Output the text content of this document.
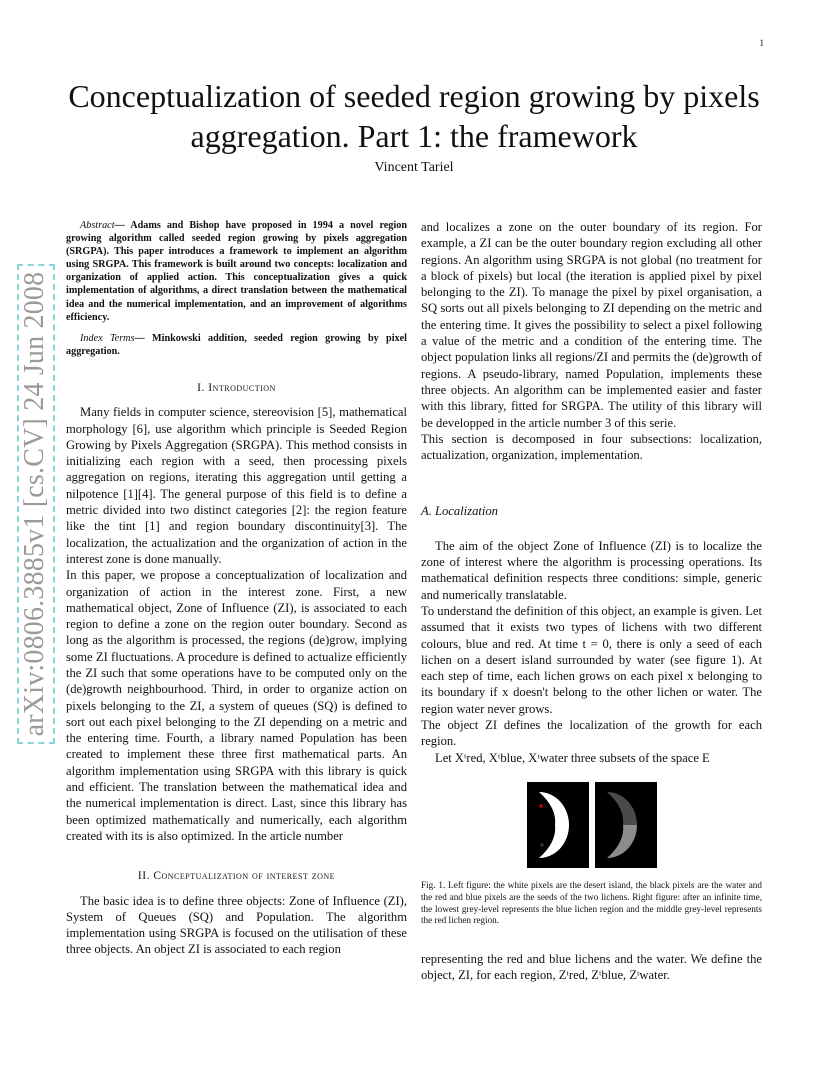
1
arXiv:0806.3885v1 [cs.CV] 24 Jun 2008
Conceptualization of seeded region growing by pixels aggregation. Part 1: the framework
Vincent Tariel

Abstract— Adams and Bishop have proposed in 1994 a novel region growing algorithm called seeded region growing by pixels aggregation (SRGPA). This paper introduces a framework to implement an algorithm using SRGPA. This framework is built around two concepts: localization and organization of applied action. This conceptualization gives a quick implementation of algorithms, a direct translation between the mathematical idea and the numerical implementation, and an improvement of algorithms efficiency.

Index Terms— Minkowski addition, seeded region growing by pixel aggregation.

I. Introduction

Many fields in computer science, stereovision [5], mathematical morphology [6], use algorithm which principle is Seeded Region Growing by Pixels Aggregation (SRGPA). This method consists in initializing each region with a seed, then processing pixels aggregation on regions, iterating this aggregation until getting a nilpotence [1][4]. The general purpose of this field is to define a metric divided into two distinct categories [2]: the region feature like the tint [1] and region boundary discontinuity[3]. The localization, the actualization and the organization of action in the interest zone is done manually.

In this paper, we propose a conceptualization of localization and organization of action in the interest zone. First, a new mathematical object, Zone of Influence (ZI), is associated to each region to define a zone on the region outer boundary. Second as long as the algorithm is processed, the regions (de)grow, implying some ZI fluctuations. A procedure is defined to actualize efficiently the ZI such that some operations have to be computed only on the (de)growth neighbourhood. Third, in order to organize action on pixels belonging to the ZI, a system of queues (SQ) is defined to sort out each pixel belonging to the ZI depending on a metric and the entering time. Fourth, a library named Population has been created to implement these three first mathematical parts. An algorithm implementation using SRGPA with this library is quick and efficient. The translation between the mathematical idea and the numerical implementation is direct. Last, since this library has been optimized mathematically and numerically, each algorithm created with its is also optimized. In the article number

II. Conceptualization of interest zone

The basic idea is to define three objects: Zone of Influence (ZI), System of Queues (SQ) and Population. The algorithm implementation using SRGPA is focused on the utilisation of these three objects. An object ZI is associated to each region

and localizes a zone on the outer boundary of its region. For example, a ZI can be the outer boundary region excluding all other regions. An algorithm using SRGPA is not global (no treatment for a block of pixels) but local (the iteration is applied pixel by pixel belonging to the ZI). To manage the pixel by pixel organisation, a SQ sorts out all pixels belonging to ZI depending on the metric and the entering time. It gives the possibility to select a pixel following a value of the metric and a condition of the entering time. The object population links all regions/ZI and permits the (de)growth of regions. A pseudo-library, named Population, implements these three objects. An algorithm can be implemented easier and faster with this library, fitted for SRGPA. The utility of this library will be developped in the article number 3 of this serie.

This section is decomposed in four subsections: localization, actualization, organization, implementation.

A. Localization

The aim of the object Zone of Influence (ZI) is to localize the zone of interest where the algorithm is processing operations. Its mathematical definition respects three conditions: simple, generic and numerically translatable.

To understand the definition of this object, an example is given. Let assumed that it exists two types of lichens with two different colours, blue and red. At time t = 0, there is only a seed of each lichen on a desert island surrounded by water (see figure 1). At each step of time, each lichen grows on each pixel x belonging to its boundary if x doesn't belong to the other lichen or water. The region water never grows.

The object ZI defines the localization of the growth for each region.

Let Xᵗred, Xᵗblue, Xᵗwater three subsets of the space E

Fig. 1. Left figure: the white pixels are the desert island, the black pixels are the water and the red and blue pixels are the seeds of the two lichens. Right figure: after an infinite time, the lowest grey-level represents the blue lichen region and the middle grey-level represents the red lichen region.

representing the red and blue lichens and the water. We define the object, ZI, for each region, Zᵗred, Zᵗblue, Zᵗwater.
